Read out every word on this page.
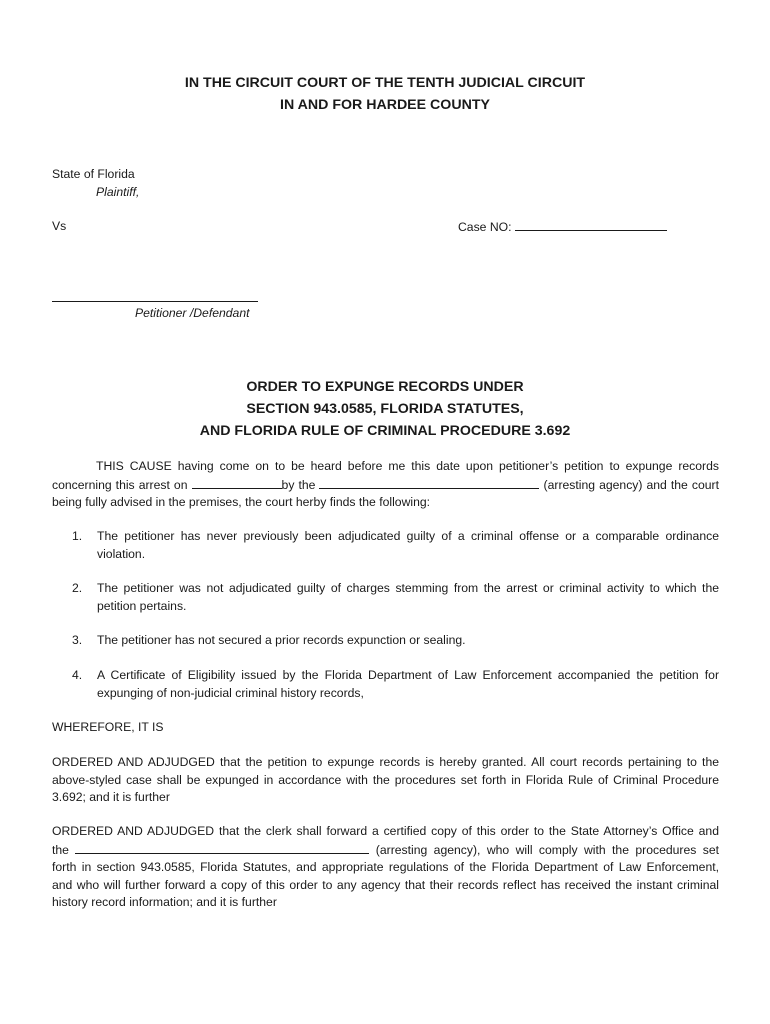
IN THE CIRCUIT COURT OF THE TENTH JUDICIAL CIRCUIT
IN AND FOR HARDEE COUNTY
State of Florida
Plaintiff,
Vs	Case NO:
Petitioner /Defendant
ORDER TO EXPUNGE RECORDS UNDER
SECTION 943.0585, FLORIDA STATUTES,
AND FLORIDA RULE OF CRIMINAL PROCEDURE 3.692
THIS CAUSE having come on to be heard before me this date upon petitioner’s petition to expunge records
concerning this arrest on	by the	(arresting agency) and the court
being fully advised in the premises, the court herby finds the following:
1. The petitioner has never previously been adjudicated guilty of a criminal offense or a comparable ordinance
violation.
2. The petitioner was not adjudicated guilty of charges stemming from the arrest or criminal activity to which the
petition pertains.
3. The petitioner has not secured a prior records expunction or sealing.
4. A Certificate of Eligibility issued by the Florida Department of Law Enforcement accompanied the petition for
expunging of non-judicial criminal history records,
WHEREFORE, IT IS
ORDERED AND ADJUDGED that the petition to expunge records is hereby granted. All court records pertaining to the
above-styled case shall be expunged in accordance with the procedures set forth in Florida Rule of Criminal Procedure
3.692; and it is further
ORDERED AND ADJUDGED that the clerk shall forward a certified copy of this order to the State Attorney’s Office and
the	(arresting agency), who will comply with the procedures set
forth in section 943.0585, Florida Statutes, and appropriate regulations of the Florida Department of Law Enforcement,
and who will further forward a copy of this order to any agency that their records reflect has received the instant criminal
history record information; and it is further
